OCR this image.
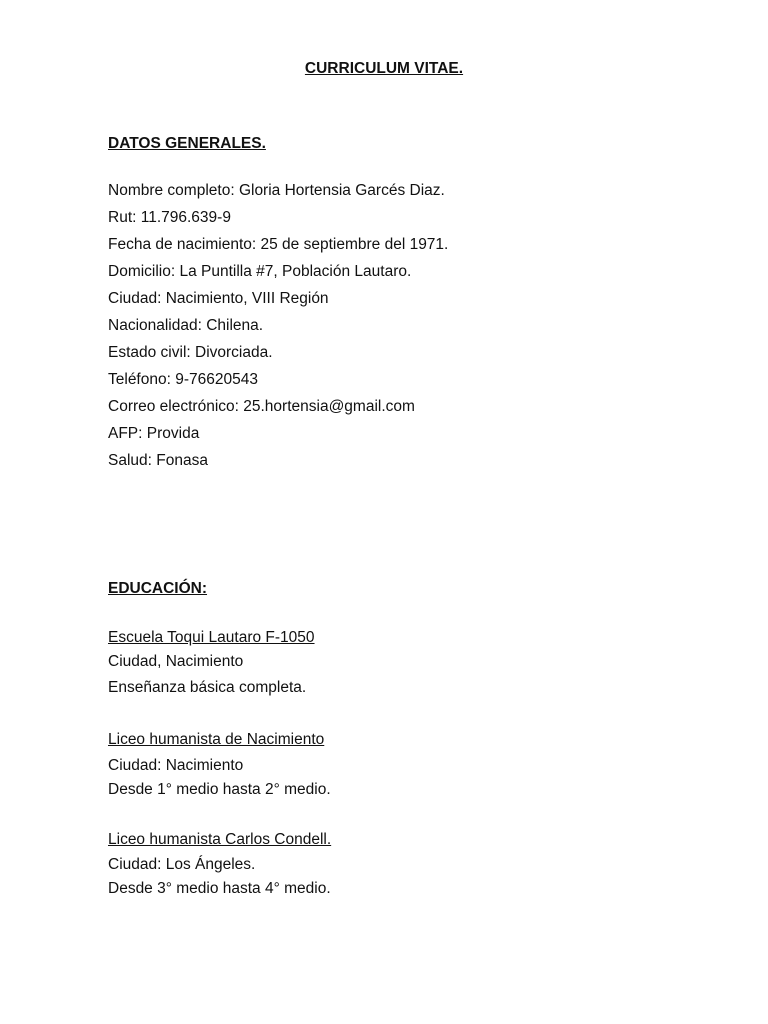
CURRICULUM VITAE.
DATOS GENERALES.
Nombre completo: Gloria Hortensia Garcés Diaz.
Rut: 11.796.639-9
Fecha de nacimiento: 25 de septiembre del 1971.
Domicilio: La Puntilla #7, Población Lautaro.
Ciudad: Nacimiento, VIII Región
Nacionalidad: Chilena.
Estado civil: Divorciada.
Teléfono: 9-76620543
Correo electrónico: 25.hortensia@gmail.com
AFP: Provida
Salud: Fonasa
EDUCACIÓN:
Escuela Toqui Lautaro F-1050
Ciudad, Nacimiento
Enseñanza básica completa.
Liceo humanista de Nacimiento
Ciudad: Nacimiento
Desde 1° medio hasta 2° medio.
Liceo humanista Carlos Condell.
Ciudad: Los Ángeles.
Desde 3° medio hasta 4° medio.
